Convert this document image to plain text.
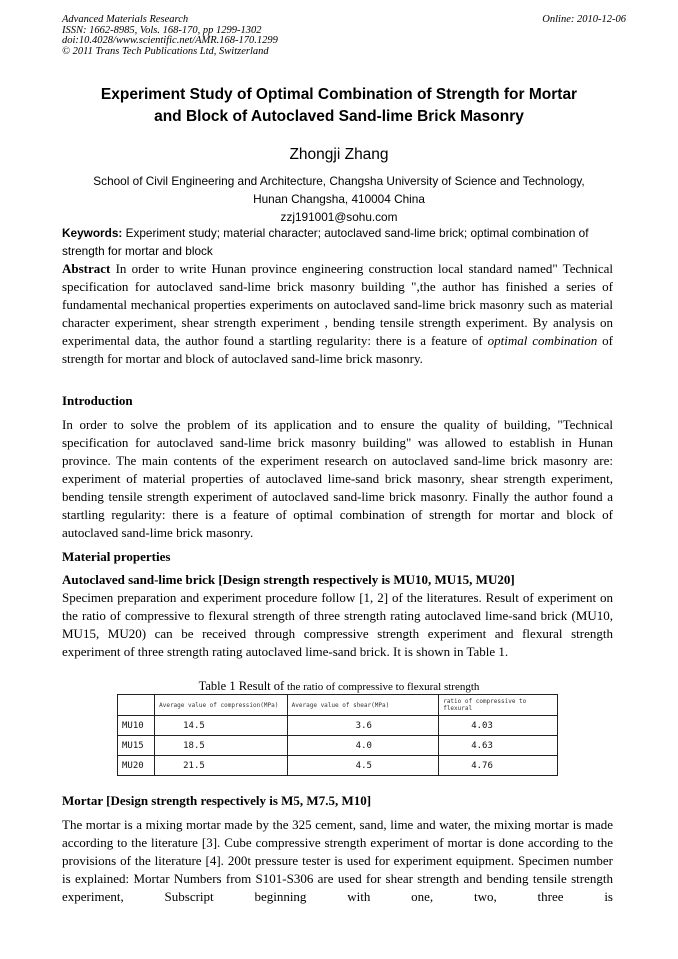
Advanced Materials Research
ISSN: 1662-8985, Vols. 168-170, pp 1299-1302
doi:10.4028/www.scientific.net/AMR.168-170.1299
© 2011 Trans Tech Publications Ltd, Switzerland
Online: 2010-12-06
Experiment Study of Optimal Combination of Strength for Mortar
and Block of Autoclaved Sand-lime Brick Masonry
Zhongji Zhang
School of Civil Engineering and Architecture, Changsha University of Science and Technology,
Hunan Changsha, 410004 China
zzj191001@sohu.com
Keywords: Experiment study; material character; autoclaved sand-lime brick; optimal combination of strength for mortar and block
Abstract In order to write Hunan province engineering construction local standard named" Technical specification for autoclaved sand-lime brick masonry building ",the author has finished a series of fundamental mechanical properties experiments on autoclaved sand-lime brick masonry such as material character experiment, shear strength experiment , bending tensile strength experiment. By analysis on experimental data, the author found a startling regularity: there is a feature of optimal combination of strength for mortar and block of autoclaved sand-lime brick masonry.
Introduction
In order to solve the problem of its application and to ensure the quality of building, "Technical specification for autoclaved sand-lime brick masonry building" was allowed to establish in Hunan province. The main contents of the experiment research on autoclaved sand-lime brick masonry are: experiment of material properties of autoclaved lime-sand brick masonry, shear strength experiment, bending tensile strength experiment of autoclaved sand-lime brick masonry. Finally the author found a startling regularity: there is a feature of optimal combination of strength for mortar and block of autoclaved sand-lime brick masonry.
Material properties
Autoclaved sand-lime brick [Design strength respectively is MU10, MU15, MU20]
Specimen preparation and experiment procedure follow [1, 2] of the literatures. Result of experiment on the ratio of compressive to flexural strength of three strength rating autoclaved lime-sand brick (MU10, MU15, MU20) can be received through compressive strength experiment and flexural strength experiment of three strength rating autoclaved lime-sand brick. It is shown in Table 1.
Table 1 Result of the ratio of compressive to flexural strength
	Average value of compression(MPa)	Average value of shear(MPa)	ratio of compressive to flexural
MU10	14.5	3.6	4.03
MU15	18.5	4.0	4.63
MU20	21.5	4.5	4.76
Mortar [Design strength respectively is M5, M7.5, M10]
The mortar is a mixing mortar made by the 325 cement, sand, lime and water, the mixing mortar is made according to the literature [3]. Cube compressive strength experiment of mortar is done according to the provisions of the literature [4]. 200t pressure tester is used for experiment equipment. Specimen number is explained: Mortar Numbers from S101-S306 are used for shear strength and bending tensile strength experiment, Subscript beginning with one, two, three is
